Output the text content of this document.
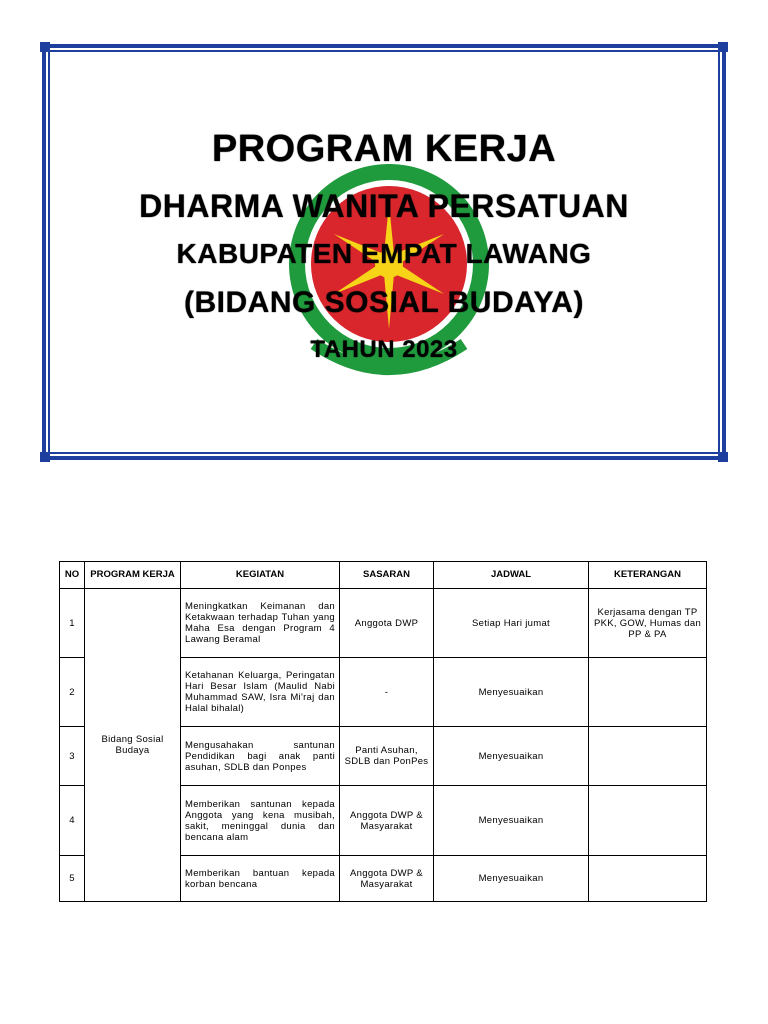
PROGRAM KERJA
DHARMA WANITA PERSATUAN
KABUPATEN EMPAT LAWANG
(BIDANG SOSIAL BUDAYA)
TAHUN 2023
NO	PROGRAM KERJA	KEGIATAN	SASARAN	JADWAL	KETERANGAN
1	Bidang Sosial Budaya	Meningkatkan Keimanan dan Ketakwaan terhadap Tuhan yang Maha Esa dengan Program 4 Lawang Beramal	Anggota DWP	Setiap Hari jumat	Kerjasama dengan TP PKK, GOW, Humas dan PP & PA
2		Ketahanan Keluarga, Peringatan Hari Besar Islam (Maulid Nabi Muhammad SAW, Isra Mi'raj dan Halal bihalal)	-	Menyesuaikan	
3		Mengusahakan santunan Pendidikan bagi anak panti asuhan, SDLB dan Ponpes	Panti Asuhan, SDLB dan PonPes	Menyesuaikan	
4		Memberikan santunan kepada Anggota yang kena musibah, sakit, meninggal dunia dan bencana alam	Anggota DWP & Masyarakat	Menyesuaikan	
5		Memberikan bantuan kepada korban bencana	Anggota DWP & Masyarakat	Menyesuaikan	
